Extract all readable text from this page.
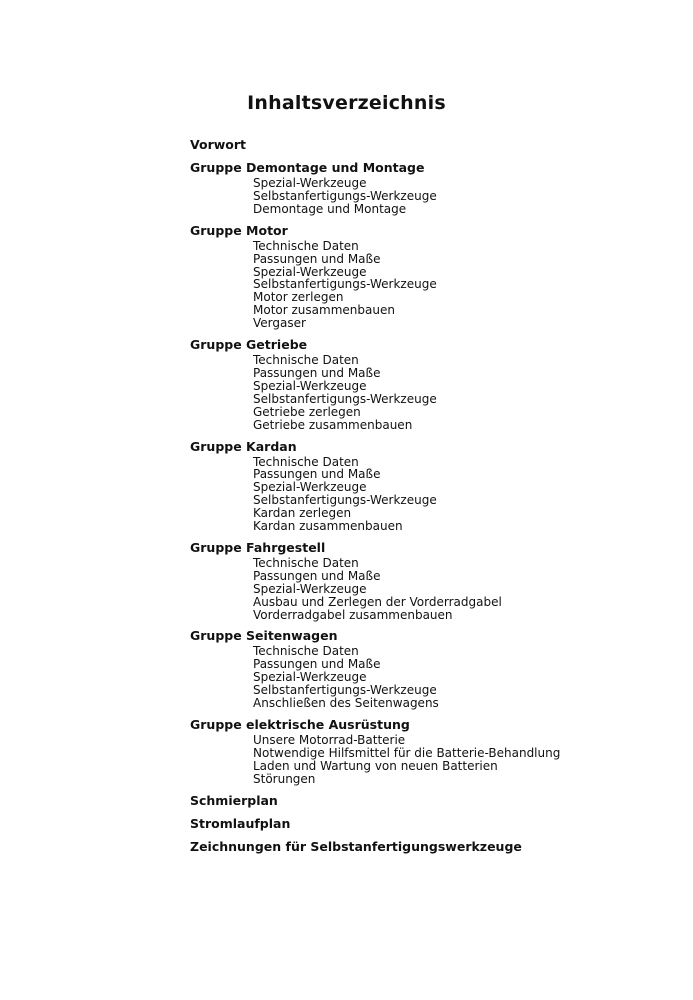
Inhaltsverzeichnis
Vorwort
Gruppe Demontage und Montage
Spezial-Werkzeuge
Selbstanfertigungs-Werkzeuge
Demontage und Montage
Gruppe Motor
Technische Daten
Passungen und Maße
Spezial-Werkzeuge
Selbstanfertigungs-Werkzeuge
Motor zerlegen
Motor zusammenbauen
Vergaser
Gruppe Getriebe
Technische Daten
Passungen und Maße
Spezial-Werkzeuge
Selbstanfertigungs-Werkzeuge
Getriebe zerlegen
Getriebe zusammenbauen
Gruppe Kardan
Technische Daten
Passungen und Maße
Spezial-Werkzeuge
Selbstanfertigungs-Werkzeuge
Kardan zerlegen
Kardan zusammenbauen
Gruppe Fahrgestell
Technische Daten
Passungen und Maße
Spezial-Werkzeuge
Ausbau und Zerlegen der Vorderradgabel
Vorderradgabel zusammenbauen
Gruppe Seitenwagen
Technische Daten
Passungen und Maße
Spezial-Werkzeuge
Selbstanfertigungs-Werkzeuge
Anschließen des Seitenwagens
Gruppe elektrische Ausrüstung
Unsere Motorrad-Batterie
Notwendige Hilfsmittel für die Batterie-Behandlung
Laden und Wartung von neuen Batterien
Störungen
Schmierplan
Stromlaufplan
Zeichnungen für Selbstanfertigungswerkzeuge
